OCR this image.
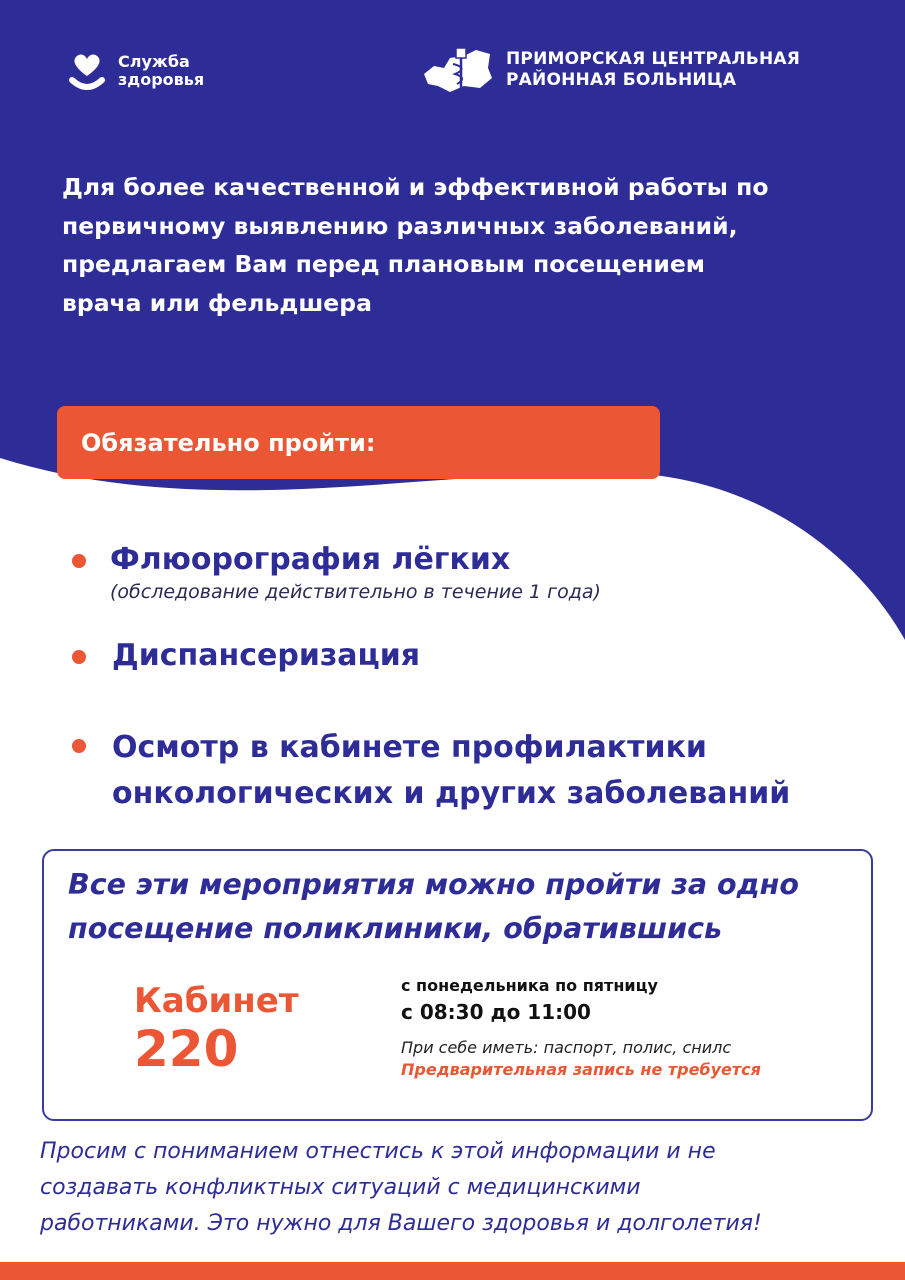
Служба
здоровья
ПРИМОРСКАЯ ЦЕНТРАЛЬНАЯ
РАЙОННАЯ БОЛЬНИЦА
Для более качественной и эффективной работы по
первичному выявлению различных заболеваний,
предлагаем Вам перед плановым посещением
врача или фельдшера
Обязательно пройти:
Флюорография лёгких
(обследование действительно в течение 1 года)
Диспансеризация
Осмотр в кабинете профилактики
онкологических и других заболеваний
Все эти мероприятия можно пройти за одно
посещение поликлиники, обратившись
Кабинет
220
с понедельника по пятницу
с 08:30 до 11:00
При себе иметь: паспорт, полис, снилс
Предварительная запись не требуется
Просим с пониманием отнестись к этой информации и не
создавать конфликтных ситуаций с медицинскими
работниками. Это нужно для Вашего здоровья и долголетия!
